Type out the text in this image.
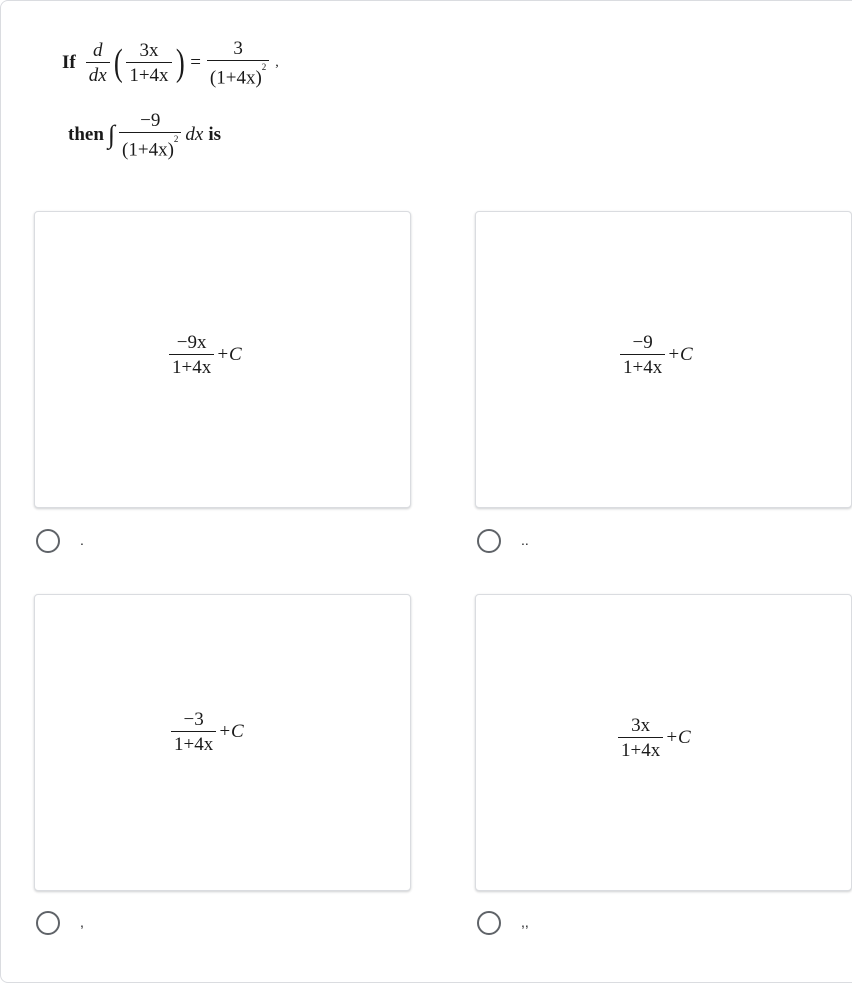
If $\frac{d}{dx}$ ( $\frac{3x}{1+4x}$ ) = $\frac{3}{(1+4x)^2}$ ,
then ∫ $\frac{-9}{(1+4x)^2}$ dx is
$\frac{-9x}{1+4x} +C$
.
$\frac{-9}{1+4x} +C$
..
$\frac{-3}{1+4x} +C$
,
$\frac{3x}{1+4x} +C$
,,
